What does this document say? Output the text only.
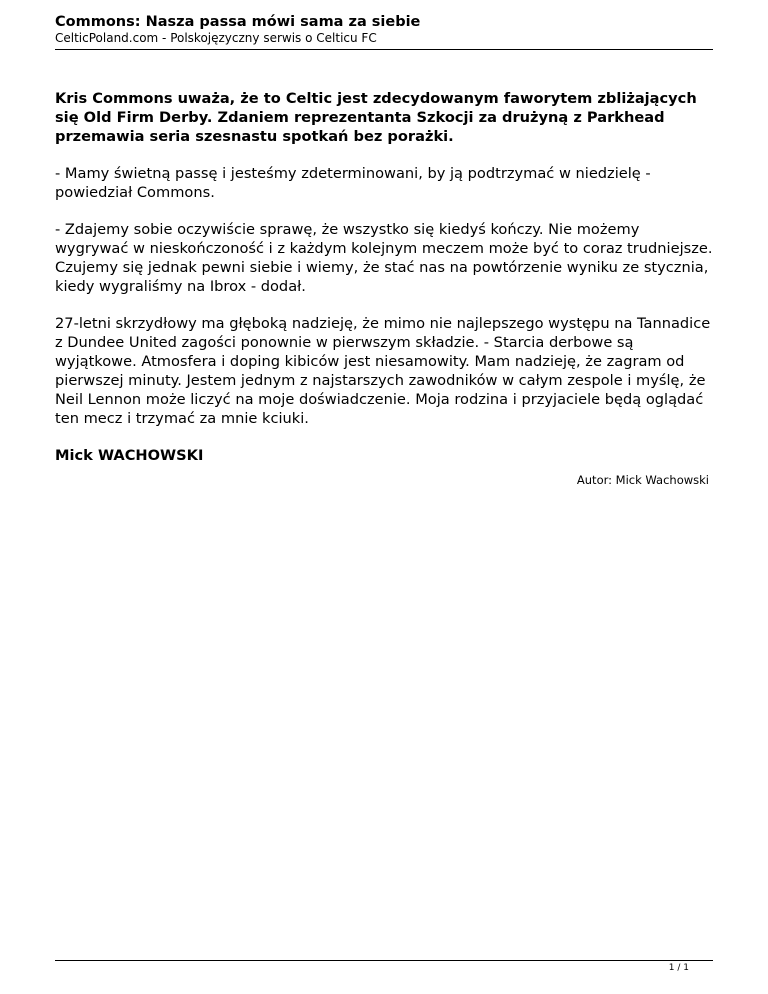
Commons: Nasza passa mówi sama za siebie
CelticPoland.com - Polskojęzyczny serwis o Celticu FC

Kris Commons uważa, że to Celtic jest zdecydowanym faworytem zbliżających się Old Firm Derby. Zdaniem reprezentanta Szkocji za drużyną z Parkhead przemawia seria szesnastu spotkań bez porażki.

- Mamy świetną passę i jesteśmy zdeterminowani, by ją podtrzymać w niedzielę - powiedział Commons.

- Zdajemy sobie oczywiście sprawę, że wszystko się kiedyś kończy. Nie możemy wygrywać w nieskończoność i z każdym kolejnym meczem może być to coraz trudniejsze. Czujemy się jednak pewni siebie i wiemy, że stać nas na powtórzenie wyniku ze stycznia, kiedy wygraliśmy na Ibrox - dodał.

27-letni skrzydłowy ma głęboką nadzieję, że mimo nie najlepszego występu na Tannadice z Dundee United zagości ponownie w pierwszym składzie. - Starcia derbowe są wyjątkowe. Atmosfera i doping kibiców jest niesamowity. Mam nadzieję, że zagram od pierwszej minuty. Jestem jednym z najstarszych zawodników w całym zespole i myślę, że Neil Lennon może liczyć na moje doświadczenie. Moja rodzina i przyjaciele będą oglądać ten mecz i trzymać za mnie kciuki.

Mick WACHOWSKI

Autor: Mick Wachowski
1 / 1
